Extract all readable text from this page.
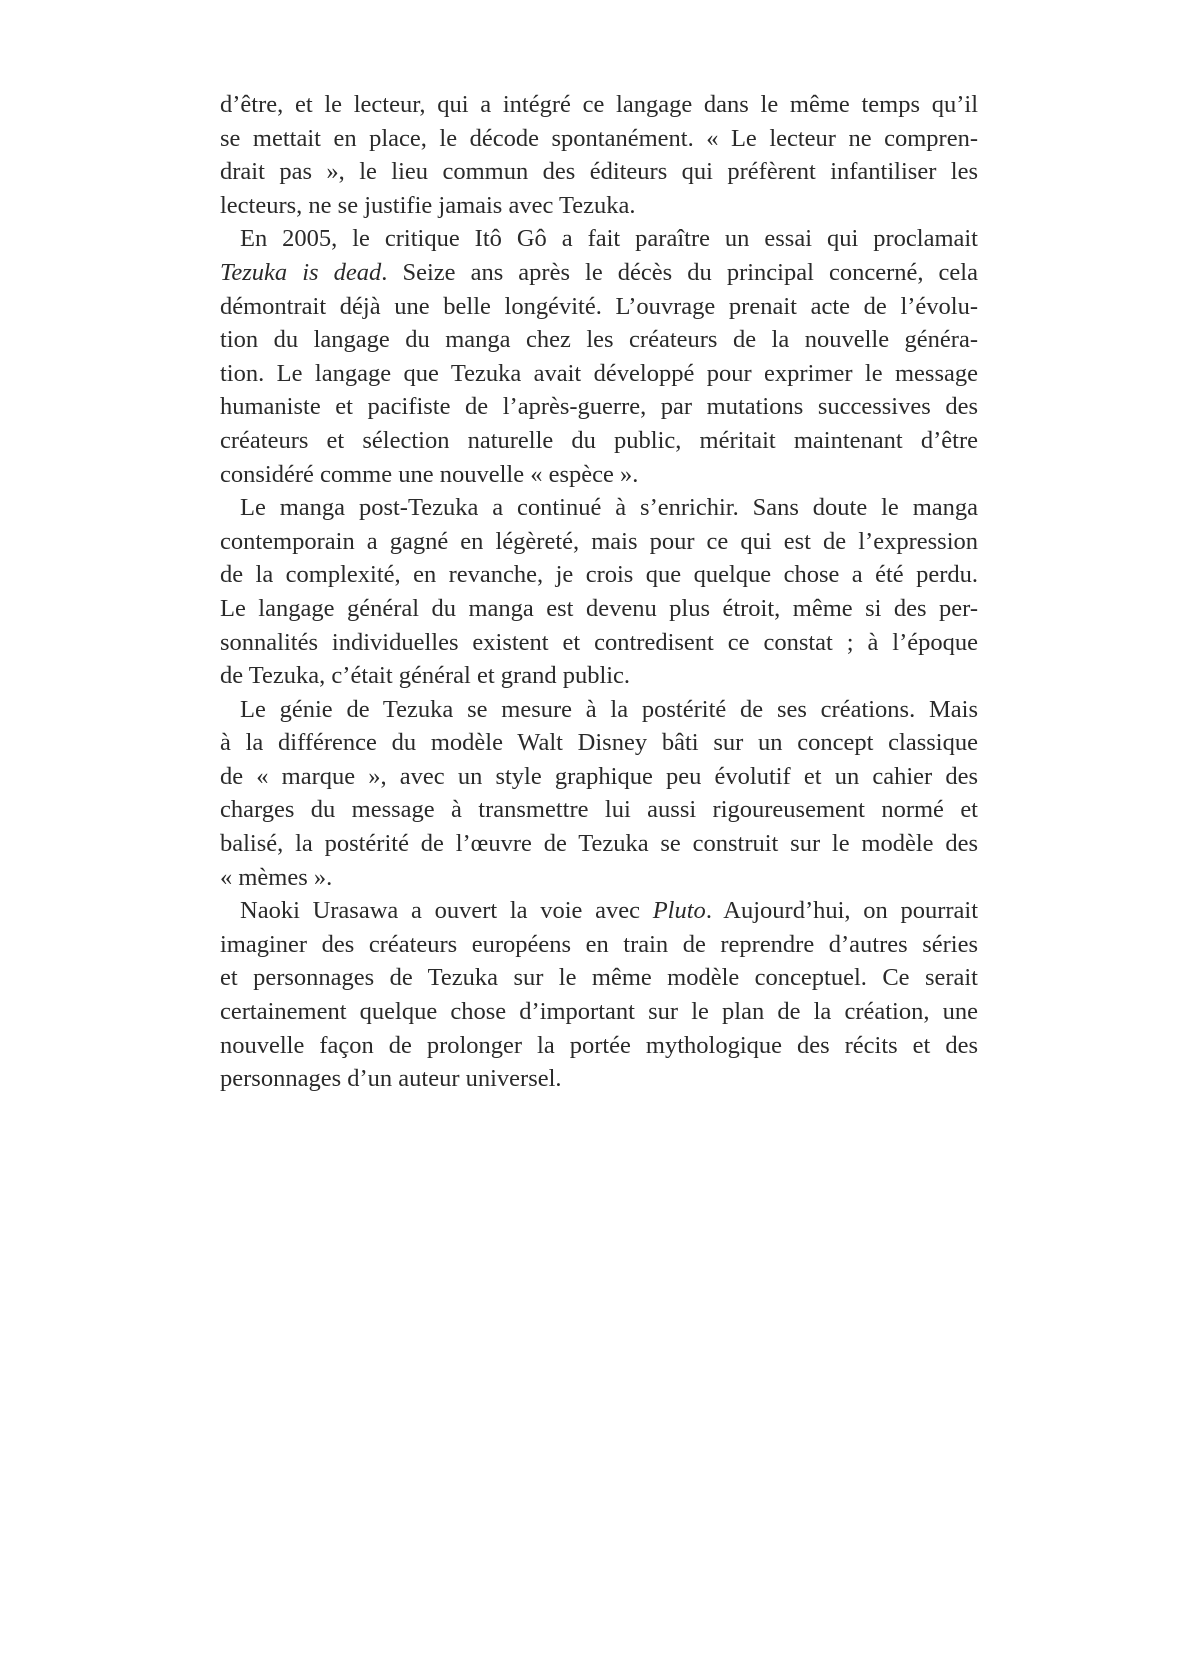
d’être, et le lecteur, qui a intégré ce langage dans le même temps qu’il
se mettait en place, le décode spontanément. « Le lecteur ne compren-
drait pas », le lieu commun des éditeurs qui préfèrent infantiliser les
lecteurs, ne se justifie jamais avec Tezuka.
En 2005, le critique Itô Gô a fait paraître un essai qui proclamait
Tezuka is dead. Seize ans après le décès du principal concerné, cela
démontrait déjà une belle longévité. L’ouvrage prenait acte de l’évolu-
tion du langage du manga chez les créateurs de la nouvelle généra-
tion. Le langage que Tezuka avait développé pour exprimer le message
humaniste et pacifiste de l’après-guerre, par mutations successives des
créateurs et sélection naturelle du public, méritait maintenant d’être
considéré comme une nouvelle « espèce ».
Le manga post-Tezuka a continué à s’enrichir. Sans doute le manga
contemporain a gagné en légèreté, mais pour ce qui est de l’expression
de la complexité, en revanche, je crois que quelque chose a été perdu.
Le langage général du manga est devenu plus étroit, même si des per-
sonnalités individuelles existent et contredisent ce constat ; à l’époque
de Tezuka, c’était général et grand public.
Le génie de Tezuka se mesure à la postérité de ses créations. Mais
à la différence du modèle Walt Disney bâti sur un concept classique
de « marque », avec un style graphique peu évolutif et un cahier des
charges du message à transmettre lui aussi rigoureusement normé et
balisé, la postérité de l’œuvre de Tezuka se construit sur le modèle des
« mèmes ».
Naoki Urasawa a ouvert la voie avec Pluto. Aujourd’hui, on pourrait
imaginer des créateurs européens en train de reprendre d’autres séries
et personnages de Tezuka sur le même modèle conceptuel. Ce serait
certainement quelque chose d’important sur le plan de la création, une
nouvelle façon de prolonger la portée mythologique des récits et des
personnages d’un auteur universel.
